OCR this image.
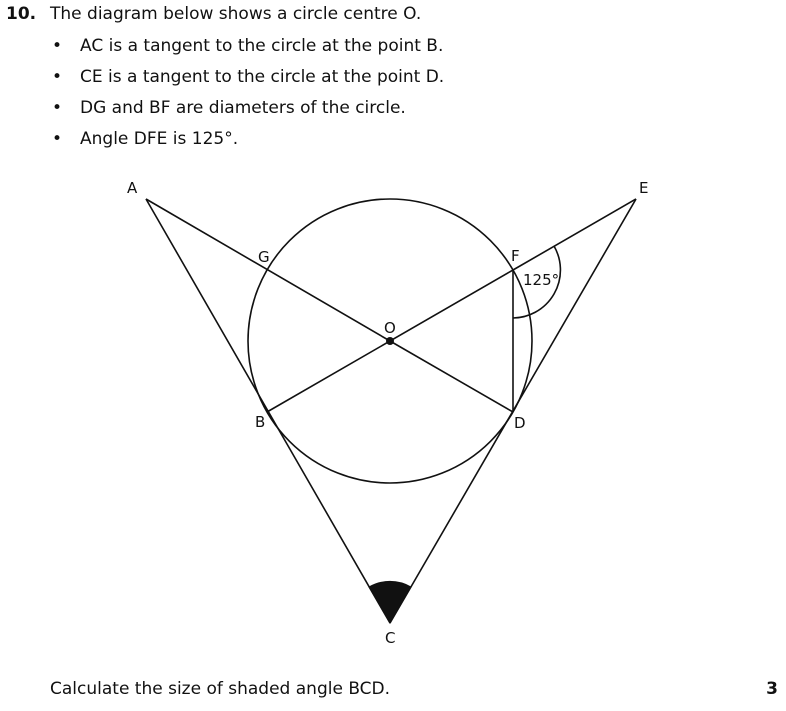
10. The diagram below shows a circle centre O.
• AC is a tangent to the circle at the point B.
• CE is a tangent to the circle at the point D.
• DG and BF are diameters of the circle.
• Angle DFE is 125°.
A	E
G	F
O
B	D
C
125°
Calculate the size of shaded angle BCD.	3
